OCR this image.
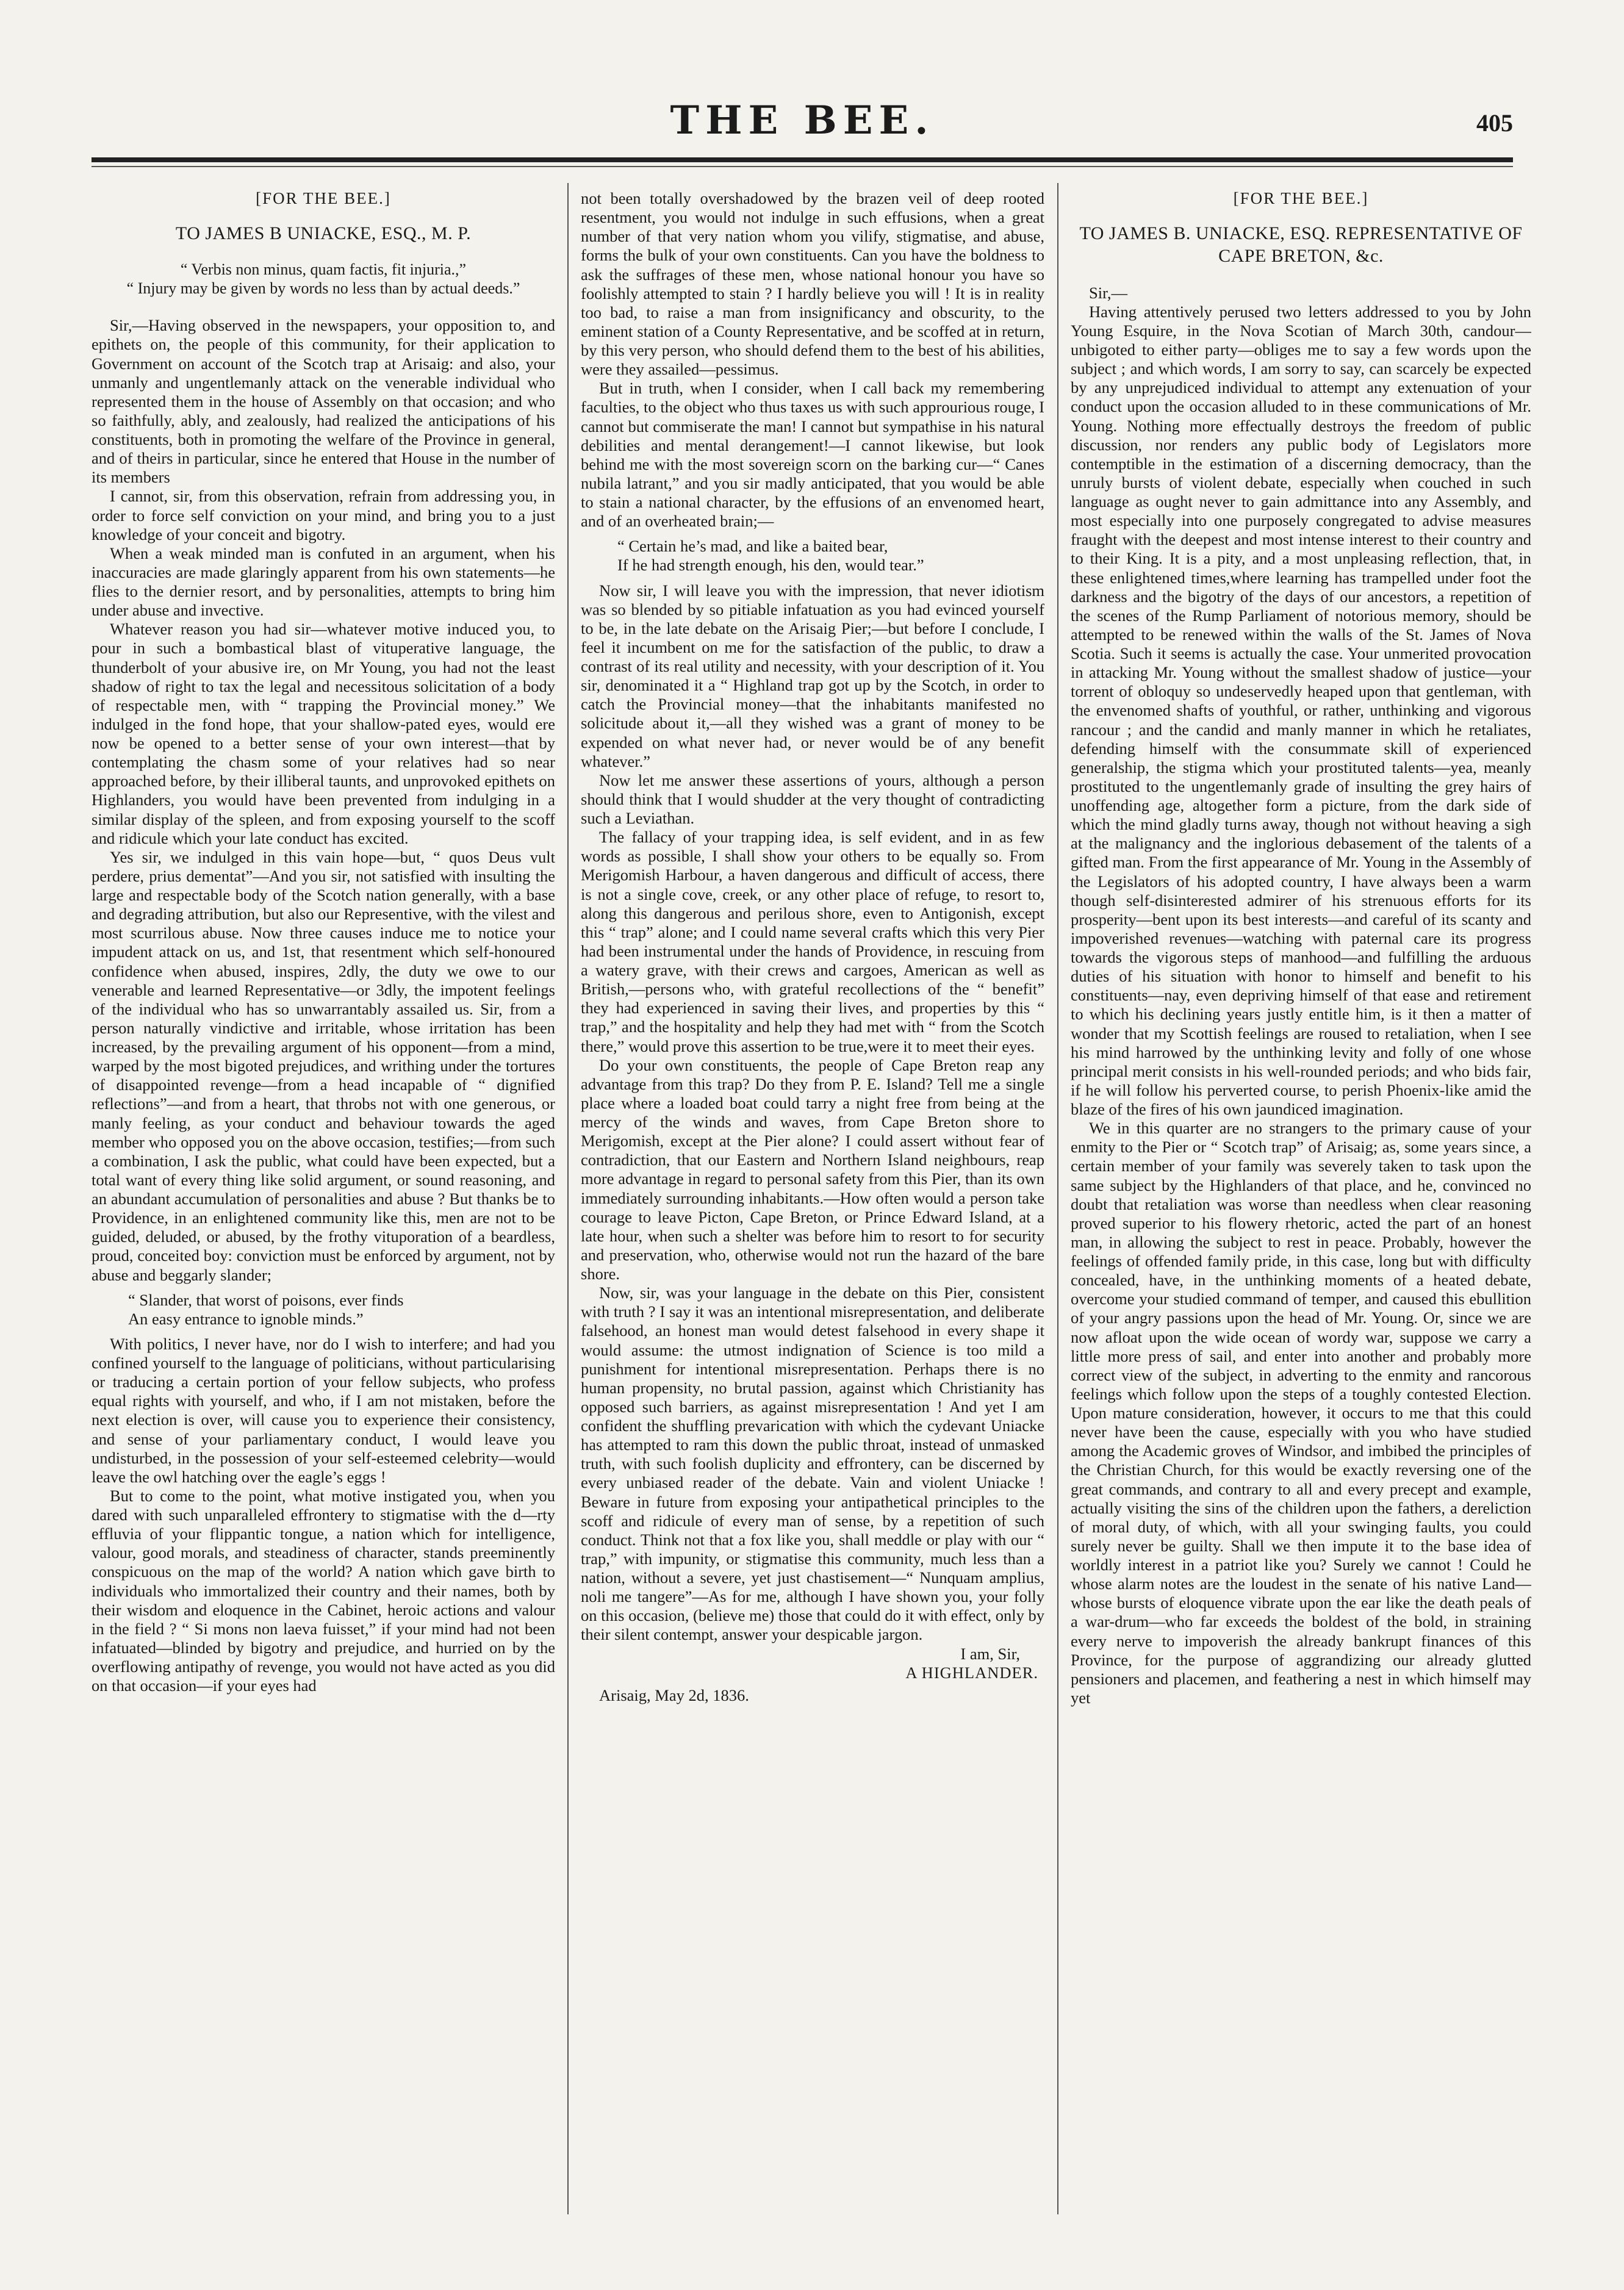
THE BEE.	405
[FOR THE BEE.]
TO JAMES B UNIACKE, ESQ., M. P.
“ Verbis non minus, quam factis, fit injuria.,”
“ Injury may be given by words no less than by actual deeds.”

Sir,—Having observed in the newspapers, your opposition to, and epithets on, the people of this community, for their application to Government on account of the Scotch trap at Arisaig: and also, your unmanly and ungentlemanly attack on the venerable individual who represented them in the house of Assembly on that occasion; and who so faithfully, ably, and zealously, had realized the anticipations of his constituents, both in promoting the welfare of the Province in general, and of theirs in particular, since he entered that House in the number of its members

I cannot, sir, from this observation, refrain from addressing you, in order to force self conviction on your mind, and bring you to a just knowledge of your conceit and bigotry.

When a weak minded man is confuted in an argument, when his inaccuracies are made glaringly apparent from his own statements—he flies to the dernier resort, and by personalities, attempts to bring him under abuse and invective.

Whatever reason you had sir—whatever motive induced you, to pour in such a bombastical blast of vituperative language, the thunderbolt of your abusive ire, on Mr Young, you had not the least shadow of right to tax the legal and necessitous solicitation of a body of respectable men, with “ trapping the Provincial money.” We indulged in the fond hope, that your shallow-pated eyes, would ere now be opened to a better sense of your own interest—that by contemplating the chasm some of your relatives had so near approached before, by their illiberal taunts, and unprovoked epithets on Highlanders, you would have been prevented from indulging in a similar display of the spleen, and from exposing yourself to the scoff and ridicule which your late conduct has excited.

Yes sir, we indulged in this vain hope—but, “ quos Deus vult perdere, prius dementat”—And you sir, not satisfied with insulting the large and respectable body of the Scotch nation generally, with a base and degrading attribution, but also our Representive, with the vilest and most scurrilous abuse. Now three causes induce me to notice your impudent attack on us, and 1st, that resentment which self-honoured confidence when abused, inspires, 2dly, the duty we owe to our venerable and learned Representative—or 3dly, the impotent feelings of the individual who has so unwarrantably assailed us. Sir, from a person naturally vindictive and irritable, whose irritation has been increased, by the prevailing argument of his opponent—from a mind, warped by the most bigoted prejudices, and writhing under the tortures of disappointed revenge—from a head incapable of “ dignified reflections”—and from a heart, that throbs not with one generous, or manly feeling, as your conduct and behaviour towards the aged member who opposed you on the above occasion, testifies;—from such a combination, I ask the public, what could have been expected, but a total want of every thing like solid argument, or sound reasoning, and an abundant accumulation of personalities and abuse ? But thanks be to Providence, in an enlightened community like this, men are not to be guided, deluded, or abused, by the frothy vituporation of a beardless, proud, conceited boy: conviction must be enforced by argument, not by abuse and beggarly slander;

“ Slander, that worst of poisons, ever finds

An easy entrance to ignoble minds.”

With politics, I never have, nor do I wish to interfere; and had you confined yourself to the language of politicians, without particularising or traducing a certain portion of your fellow subjects, who profess equal rights with yourself, and who, if I am not mistaken, before the next election is over, will cause you to experience their consistency, and sense of your parliamentary conduct, I would leave you undisturbed, in the possession of your self-esteemed celebrity—would leave the owl hatching over the eagle’s eggs !

But to come to the point, what motive instigated you, when you dared with such unparalleled effrontery to stigmatise with the d—rty effluvia of your flippantic tongue, a nation which for intelligence, valour, good morals, and steadiness of character, stands preeminently conspicuous on the map of the world? A nation which gave birth to individuals who immortalized their country and their names, both by their wisdom and eloquence in the Cabinet, heroic actions and valour in the field ? “ Si mons non laeva fuisset,” if your mind had not been infatuated—blinded by bigotry and prejudice, and hurried on by the overflowing antipathy of revenge, you would not have acted as you did on that occasion—if your eyes had

not been totally overshadowed by the brazen veil of deep rooted resentment, you would not indulge in such effusions, when a great number of that very nation whom you vilify, stigmatise, and abuse, forms the bulk of your own constituents. Can you have the boldness to ask the suffrages of these men, whose national honour you have so foolishly attempted to stain ? I hardly believe you will ! It is in reality too bad, to raise a man from insignificancy and obscurity, to the eminent station of a County Representative, and be scoffed at in return, by this very person, who should defend them to the best of his abilities, were they assailed—pessimus.

But in truth, when I consider, when I call back my remembering faculties, to the object who thus taxes us with such approurious rouge, I cannot but commiserate the man! I cannot but sympathise in his natural debilities and mental derangement!—I cannot likewise, but look behind me with the most sovereign scorn on the barking cur—“ Canes nubila latrant,” and you sir madly anticipated, that you would be able to stain a national character, by the effusions of an envenomed heart, and of an overheated brain;—

“ Certain he’s mad, and like a baited bear,

If he had strength enough, his den, would tear.”

Now sir, I will leave you with the impression, that never idiotism was so blended by so pitiable infatuation as you had evinced yourself to be, in the late debate on the Arisaig Pier;—but before I conclude, I feel it incumbent on me for the satisfaction of the public, to draw a contrast of its real utility and necessity, with your description of it. You sir, denominated it a “ Highland trap got up by the Scotch, in order to catch the Provincial money—that the inhabitants manifested no solicitude about it,—all they wished was a grant of money to be expended on what never had, or never would be of any benefit whatever.”

Now let me answer these assertions of yours, although a person should think that I would shudder at the very thought of contradicting such a Leviathan.

The fallacy of your trapping idea, is self evident, and in as few words as possible, I shall show your others to be equally so. From Merigomish Harbour, a haven dangerous and difficult of access, there is not a single cove, creek, or any other place of refuge, to resort to, along this dangerous and perilous shore, even to Antigonish, except this “ trap” alone; and I could name several crafts which this very Pier had been instrumental under the hands of Providence, in rescuing from a watery grave, with their crews and cargoes, American as well as British,—persons who, with grateful recollections of the “ benefit” they had experienced in saving their lives, and properties by this “ trap,” and the hospitality and help they had met with “ from the Scotch there,” would prove this assertion to be true,were it to meet their eyes.

Do your own constituents, the people of Cape Breton reap any advantage from this trap? Do they from P. E. Island? Tell me a single place where a loaded boat could tarry a night free from being at the mercy of the winds and waves, from Cape Breton shore to Merigomish, except at the Pier alone? I could assert without fear of contradiction, that our Eastern and Northern Island neighbours, reap more advantage in regard to personal safety from this Pier, than its own immediately surrounding inhabitants.—How often would a person take courage to leave Picton, Cape Breton, or Prince Edward Island, at a late hour, when such a shelter was before him to resort to for security and preservation, who, otherwise would not run the hazard of the bare shore.

Now, sir, was your language in the debate on this Pier, consistent with truth ? I say it was an intentional misrepresentation, and deliberate falsehood, an honest man would detest falsehood in every shape it would assume: the utmost indignation of Science is too mild a punishment for intentional misrepresentation. Perhaps there is no human propensity, no brutal passion, against which Christianity has opposed such barriers, as against misrepresentation ! And yet I am confident the shuffling prevarication with which the cydevant Uniacke has attempted to ram this down the public throat, instead of unmasked truth, with such foolish duplicity and effrontery, can be discerned by every unbiased reader of the debate. Vain and violent Uniacke ! Beware in future from exposing your antipathetical principles to the scoff and ridicule of every man of sense, by a repetition of such conduct. Think not that a fox like you, shall meddle or play with our “ trap,” with impunity, or stigmatise this community, much less than a nation, without a severe, yet just chastisement—“ Nunquam amplius, noli me tangere”—As for me, although I have shown you, your folly on this occasion, (believe me) those that could do it with effect, only by their silent contempt, answer your despicable jargon.

I am, Sir,

A HIGHLANDER.

Arisaig, May 2d, 1836.

[FOR THE BEE.]
TO JAMES B. UNIACKE, ESQ. REPRESENTATIVE OF CAPE BRETON, &c.

Sir,—

Having attentively perused two letters addressed to you by John Young Esquire, in the Nova Scotian of March 30th, candour—unbigoted to either party—obliges me to say a few words upon the subject ; and which words, I am sorry to say, can scarcely be expected by any unprejudiced individual to attempt any extenuation of your conduct upon the occasion alluded to in these communications of Mr. Young. Nothing more effectually destroys the freedom of public discussion, nor renders any public body of Legislators more contemptible in the estimation of a discerning democracy, than the unruly bursts of violent debate, especially when couched in such language as ought never to gain admittance into any Assembly, and most especially into one purposely congregated to advise measures fraught with the deepest and most intense interest to their country and to their King. It is a pity, and a most unpleasing reflection, that, in these enlightened times,where learning has trampelled under foot the darkness and the bigotry of the days of our ancestors, a repetition of the scenes of the Rump Parliament of notorious memory, should be attempted to be renewed within the walls of the St. James of Nova Scotia. Such it seems is actually the case. Your unmerited provocation in attacking Mr. Young without the smallest shadow of justice—your torrent of obloquy so undeservedly heaped upon that gentleman, with the envenomed shafts of youthful, or rather, unthinking and vigorous rancour ; and the candid and manly manner in which he retaliates, defending himself with the consummate skill of experienced generalship, the stigma which your prostituted talents—yea, meanly prostituted to the ungentlemanly grade of insulting the grey hairs of unoffending age, altogether form a picture, from the dark side of which the mind gladly turns away, though not without heaving a sigh at the malignancy and the inglorious debasement of the talents of a gifted man. From the first appearance of Mr. Young in the Assembly of the Legislators of his adopted country, I have always been a warm though self-disinterested admirer of his strenuous efforts for its prosperity—bent upon its best interests—and careful of its scanty and impoverished revenues—watching with paternal care its progress towards the vigorous steps of manhood—and fulfilling the arduous duties of his situation with honor to himself and benefit to his constituents—nay, even depriving himself of that ease and retirement to which his declining years justly entitle him, is it then a matter of wonder that my Scottish feelings are roused to retaliation, when I see his mind harrowed by the unthinking levity and folly of one whose principal merit consists in his well-rounded periods; and who bids fair, if he will follow his perverted course, to perish Phoenix-like amid the blaze of the fires of his own jaundiced imagination.

We in this quarter are no strangers to the primary cause of your enmity to the Pier or “ Scotch trap” of Arisaig; as, some years since, a certain member of your family was severely taken to task upon the same subject by the Highlanders of that place, and he, convinced no doubt that retaliation was worse than needless when clear reasoning proved superior to his flowery rhetoric, acted the part of an honest man, in allowing the subject to rest in peace. Probably, however the feelings of offended family pride, in this case, long but with difficulty concealed, have, in the unthinking moments of a heated debate, overcome your studied command of temper, and caused this ebullition of your angry passions upon the head of Mr. Young. Or, since we are now afloat upon the wide ocean of wordy war, suppose we carry a little more press of sail, and enter into another and probably more correct view of the subject, in adverting to the enmity and rancorous feelings which follow upon the steps of a toughly contested Election. Upon mature consideration, however, it occurs to me that this could never have been the cause, especially with you who have studied among the Academic groves of Windsor, and imbibed the principles of the Christian Church, for this would be exactly reversing one of the great commands, and contrary to all and every precept and example, actually visiting the sins of the children upon the fathers, a dereliction of moral duty, of which, with all your swinging faults, you could surely never be guilty. Shall we then impute it to the base idea of worldly interest in a patriot like you? Surely we cannot ! Could he whose alarm notes are the loudest in the senate of his native Land—whose bursts of eloquence vibrate upon the ear like the death peals of a war-drum—who far exceeds the boldest of the bold, in straining every nerve to impoverish the already bankrupt finances of this Province, for the purpose of aggrandizing our already glutted pensioners and placemen, and feathering a nest in which himself may yet
